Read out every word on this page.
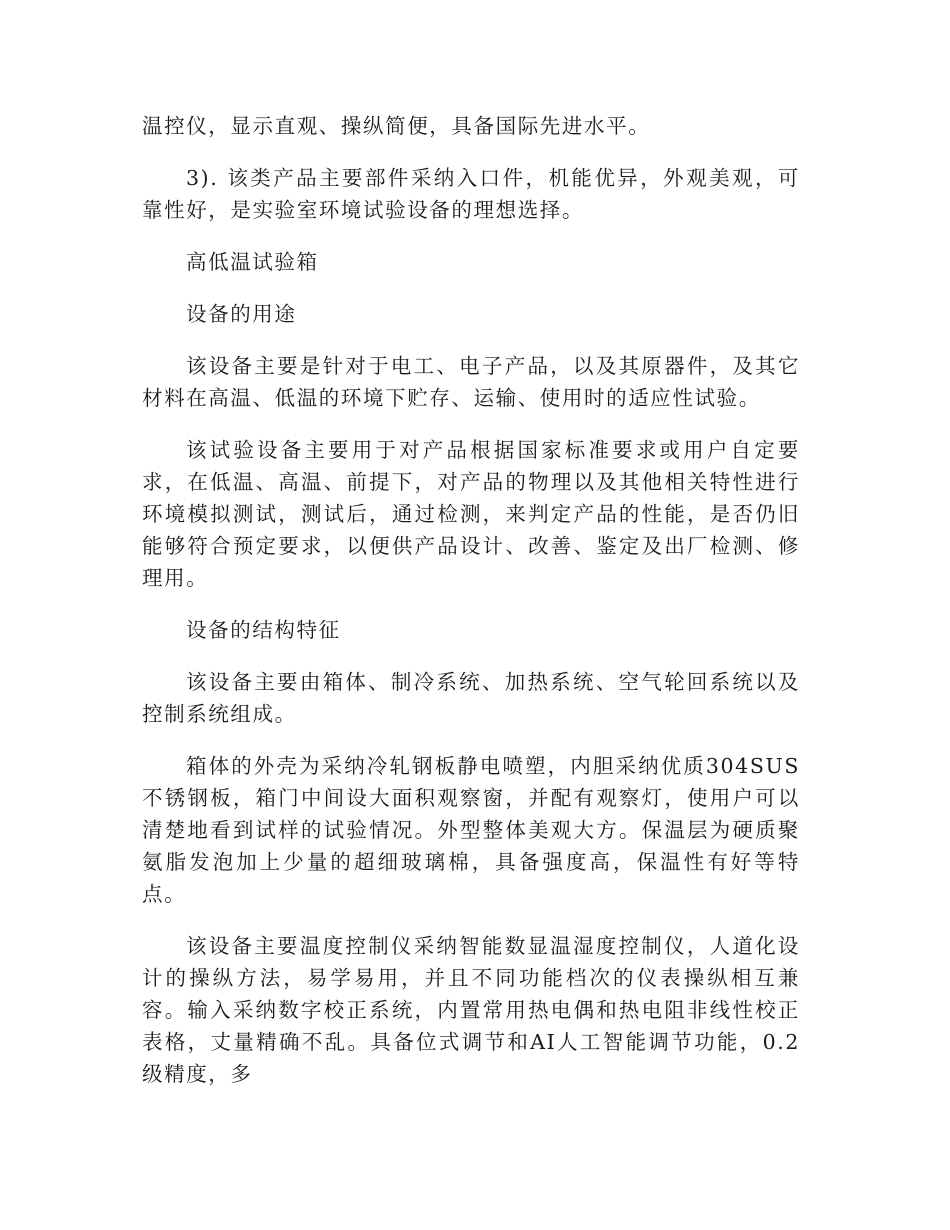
温控仪，显示直观、操纵简便，具备国际先进水平。

3). 该类产品主要部件采纳入口件，机能优异，外观美观，可靠性好，是实验室环境试验设备的理想选择。

高低温试验箱

设备的用途

该设备主要是针对于电工、电子产品，以及其原器件，及其它材料在高温、低温的环境下贮存、运输、使用时的适应性试验。

该试验设备主要用于对产品根据国家标准要求或用户自定要求，在低温、高温、前提下，对产品的物理以及其他相关特性进行环境模拟测试，测试后，通过检测，来判定产品的性能，是否仍旧能够符合预定要求，以便供产品设计、改善、鉴定及出厂检测、修理用。

设备的结构特征

该设备主要由箱体、制冷系统、加热系统、空气轮回系统以及控制系统组成。

箱体的外壳为采纳冷轧钢板静电喷塑，内胆采纳优质304SUS不锈钢板，箱门中间设大面积观察窗，并配有观察灯，使用户可以清楚地看到试样的试验情况。外型整体美观大方。保温层为硬质聚氨脂发泡加上少量的超细玻璃棉，具备强度高，保温性有好等特点。

该设备主要温度控制仪采纳智能数显温湿度控制仪，人道化设计的操纵方法，易学易用，并且不同功能档次的仪表操纵相互兼容。输入采纳数字校正系统，内置常用热电偶和热电阻非线性校正表格，丈量精确不乱。具备位式调节和AI人工智能调节功能，0.2级精度，多
